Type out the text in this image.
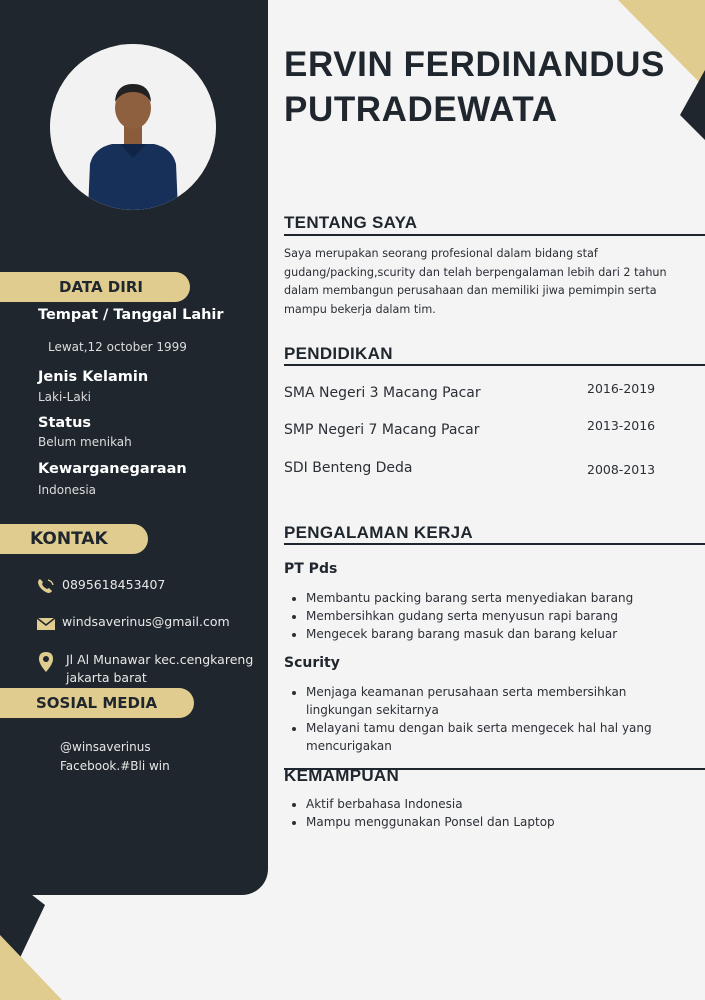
DATA DIRI
Tempat / Tanggal Lahir
Lewat,12 october 1999
Jenis Kelamin
Laki-Laki
Status
Belum menikah
Kewarganegaraan
Indonesia
KONTAK
0895618453407
windsaverinus@gmail.com
Jl Al Munawar kec.cengkareng
jakarta barat
SOSIAL MEDIA
@winsaverinus
Facebook.#Bli win
ERVIN FERDINANDUS
PUTRADEWATA
TENTANG SAYA
Saya merupakan seorang profesional dalam bidang staf gudang/packing,scurity dan telah berpengalaman lebih dari 2 tahun dalam membangun perusahaan dan memiliki jiwa pemimpin serta mampu bekerja dalam tim.
PENDIDIKAN
SMA Negeri 3 Macang Pacar	2016-2019
SMP Negeri 7 Macang Pacar	2013-2016
SDI Benteng Deda	2008-2013
PENGALAMAN KERJA
PT Pds
• Membantu packing barang serta menyediakan barang
• Membersihkan gudang serta menyusun rapi barang
• Mengecek barang barang masuk dan barang keluar
Scurity
• Menjaga keamanan perusahaan serta membersihkan lingkungan sekitarnya
• Melayani tamu dengan baik serta mengecek hal hal yang mencurigakan
KEMAMPUAN
• Aktif berbahasa Indonesia
• Mampu menggunakan Ponsel dan Laptop
